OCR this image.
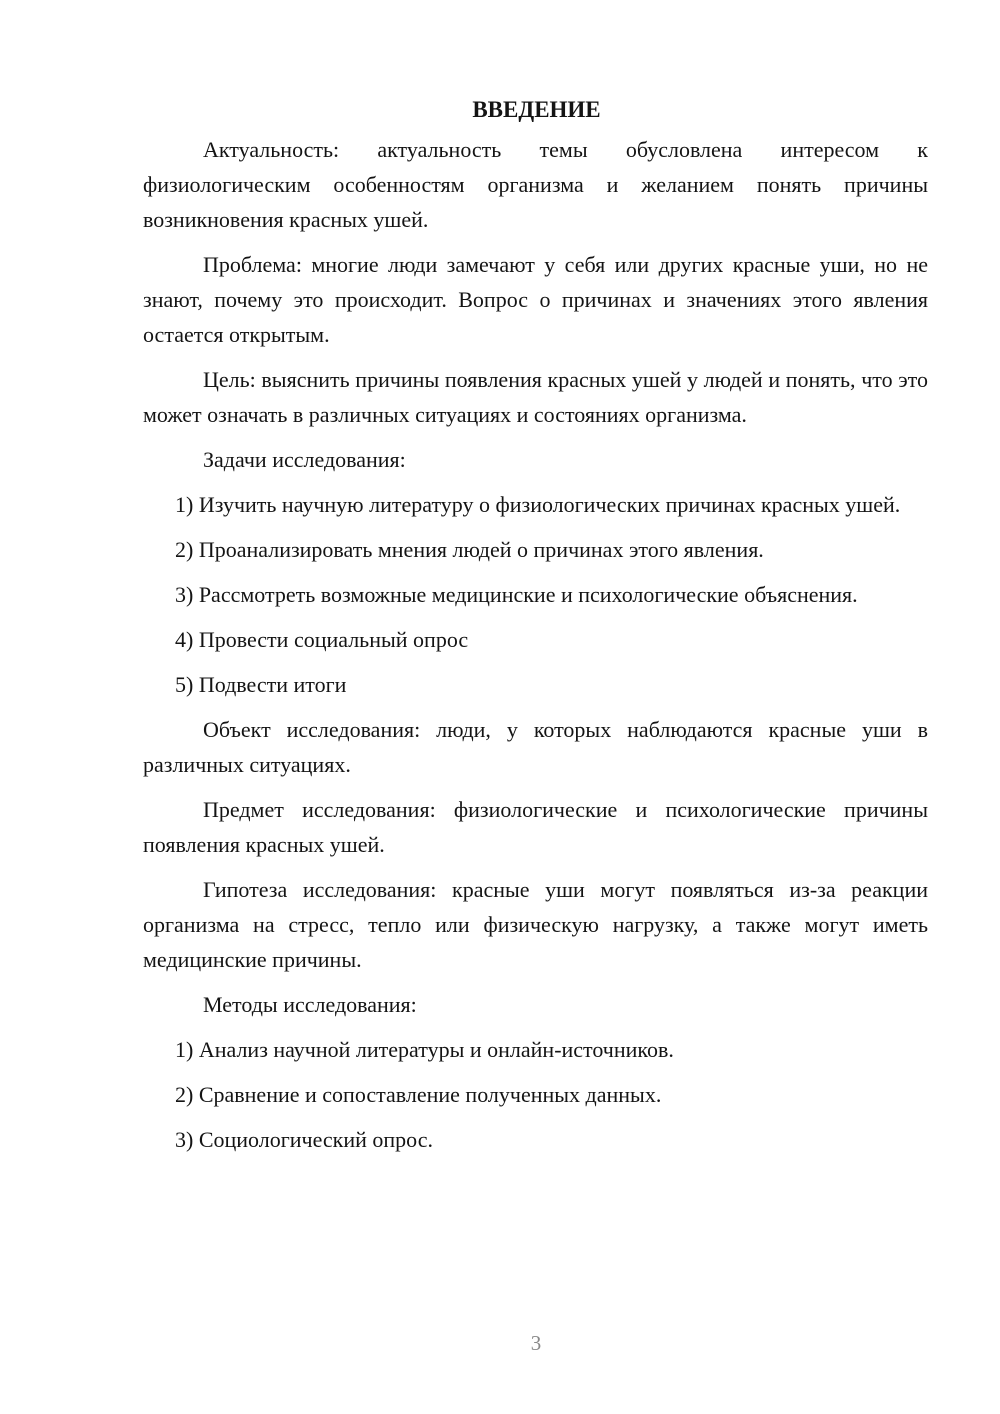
ВВЕДЕНИЕ

Актуальность: актуальность темы обусловлена интересом к физиологическим особенностям организма и желанием понять причины возникновения красных ушей.

Проблема: многие люди замечают у себя или других красные уши, но не знают, почему это происходит. Вопрос о причинах и значениях этого явления остается открытым.

Цель: выяснить причины появления красных ушей у людей и понять, что это может означать в различных ситуациях и состояниях организма.

Задачи исследования:

1) Изучить научную литературу о физиологических причинах красных ушей.

2) Проанализировать мнения людей о причинах этого явления.

3) Рассмотреть возможные медицинские и психологические объяснения.

4) Провести социальный опрос

5) Подвести итоги

Объект исследования: люди, у которых наблюдаются красные уши в различных ситуациях.

Предмет исследования: физиологические и психологические причины появления красных ушей.

Гипотеза исследования: красные уши могут появляться из-за реакции организма на стресс, тепло или физическую нагрузку, а также могут иметь медицинские причины.

Методы исследования:

1) Анализ научной литературы и онлайн-источников.

2) Сравнение и сопоставление полученных данных.

3) Социологический опрос.

3
